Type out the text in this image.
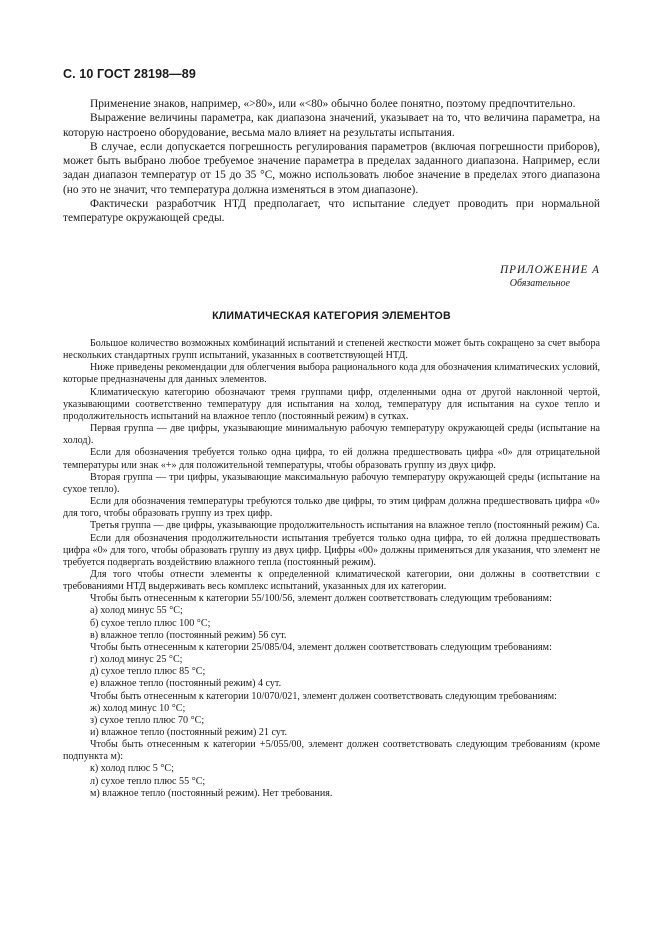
С. 10 ГОСТ 28198—89

Применение знаков, например, «>80», или «<80» обычно более понятно, поэтому предпочтительно.

Выражение величины параметра, как диапазона значений, указывает на то, что величина параметра, на которую настроено оборудование, весьма мало влияет на результаты испытания.

В случае, если допускается погрешность регулирования параметров (включая погрешности приборов), может быть выбрано любое требуемое значение параметра в пределах заданного диапазона. Например, если задан диапазон температур от 15 до 35 °С, можно использовать любое значение в пределах этого диапазона (но это не значит, что температура должна изменяться в этом диапазоне).

Фактически разработчик НТД предполагает, что испытание следует проводить при нормальной температуре окружающей среды.

ПРИЛОЖЕНИЕ А
Обязательное
КЛИМАТИЧЕСКАЯ КАТЕГОРИЯ ЭЛЕМЕНТОВ

Большое количество возможных комбинаций испытаний и степеней жесткости может быть сокращено за счет выбора нескольких стандартных групп испытаний, указанных в соответствующей НТД.

Ниже приведены рекомендации для облегчения выбора рационального кода для обозначения климатических условий, которые предназначены для данных элементов.

Климатическую категорию обозначают тремя группами цифр, отделенными одна от другой наклонной чертой, указывающими соответственно температуру для испытания на холод, температуру для испытания на сухое тепло и продолжительность испытаний на влажное тепло (постоянный режим) в сутках.

Первая группа — две цифры, указывающие минимальную рабочую температуру окружающей среды (испытание на холод).

Если для обозначения требуется только одна цифра, то ей должна предшествовать цифра «0» для отрицательной температуры или знак «+» для положительной температуры, чтобы образовать группу из двух цифр.

Вторая группа — три цифры, указывающие максимальную рабочую температуру окружающей среды (испытание на сухое тепло).

Если для обозначения температуры требуются только две цифры, то этим цифрам должна предшествовать цифра «0» для того, чтобы образовать группу из трех цифр.

Третья группа — две цифры, указывающие продолжительность испытания на влажное тепло (постоянный режим) Са.

Если для обозначения продолжительности испытания требуется только одна цифра, то ей должна предшествовать цифра «0» для того, чтобы образовать группу из двух цифр. Цифры «00» должны применяться для указания, что элемент не требуется подвергать воздействию влажного тепла (постоянный режим).

Для того чтобы отнести элементы к определенной климатической категории, они должны в соответствии с требованиями НТД выдерживать весь комплекс испытаний, указанных для их категории.

Чтобы быть отнесенным к категории 55/100/56, элемент должен соответствовать следующим требованиям:

а) холод минус 55 °С;

б) сухое тепло плюс 100 °С;

в) влажное тепло (постоянный режим) 56 сут.

Чтобы быть отнесенным к категории 25/085/04, элемент должен соответствовать следующим требованиям:

г) холод минус 25 °С;

д) сухое тепло плюс 85 °С;

е) влажное тепло (постоянный режим) 4 сут.

Чтобы быть отнесенным к категории 10/070/021, элемент должен соответствовать следующим требованиям:

ж) холод минус 10 °С;

з) сухое тепло плюс 70 °С;

и) влажное тепло (постоянный режим) 21 сут.

Чтобы быть отнесенным к категории +5/055/00, элемент должен соответствовать следующим требованиям (кроме подпункта м):

к) холод плюс 5 °С;

л) сухое тепло плюс 55 °С;

м) влажное тепло (постоянный режим). Нет требования.
